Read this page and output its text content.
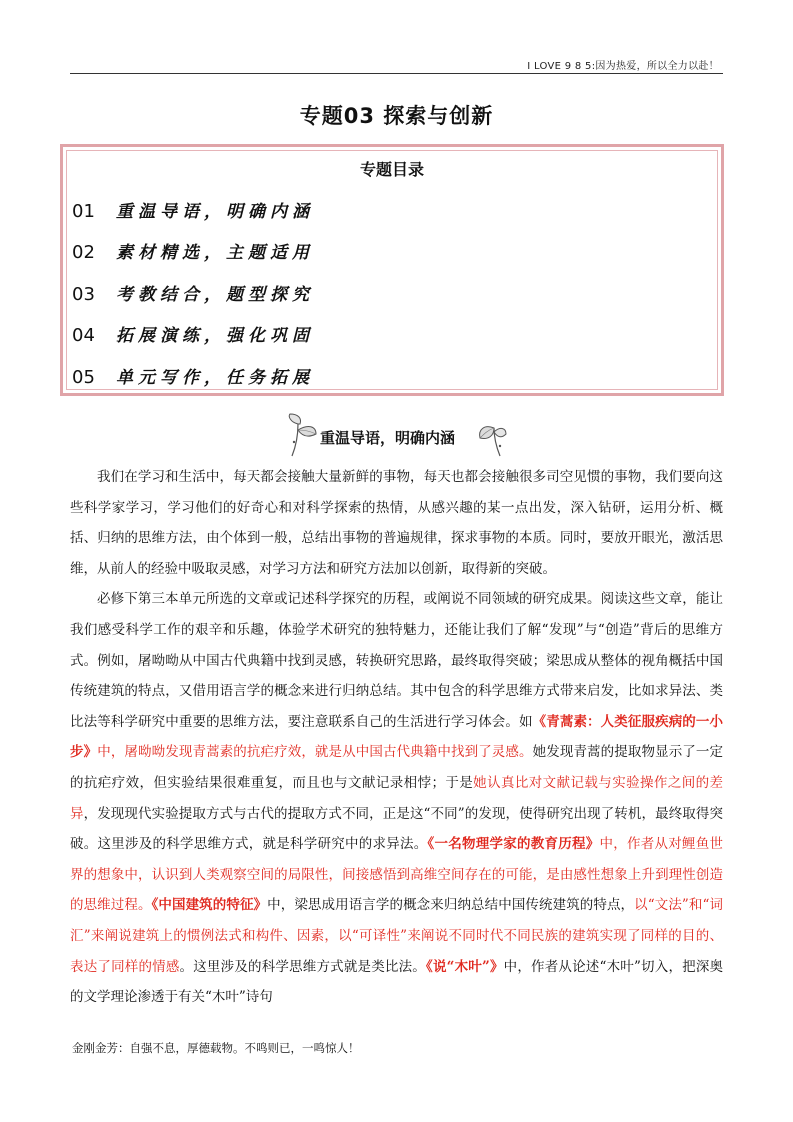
I LOVE 9 8 5:因为热爱，所以全力以赴！
专题03 探索与创新
专题目录
01 重温导语，明确内涵
02 素材精选，主题适用
03 考教结合，题型探究
04 拓展演练，强化巩固
05 单元写作，任务拓展
重温导语，明确内涵

我们在学习和生活中，每天都会接触大量新鲜的事物，每天也都会接触很多司空见惯的事物，我们要向这些科学家学习，学习他们的好奇心和对科学探索的热情，从感兴趣的某一点出发，深入钻研，运用分析、概括、归纳的思维方法，由个体到一般，总结出事物的普遍规律，探求事物的本质。同时，要放开眼光，激活思维，从前人的经验中吸取灵感，对学习方法和研究方法加以创新，取得新的突破。

必修下第三本单元所选的文章或记述科学探究的历程，或阐说不同领域的研究成果。阅读这些文章，能让我们感受科学工作的艰辛和乐趣，体验学术研究的独特魅力，还能让我们了解“发现”与“创造”背后的思维方式。例如，屠呦呦从中国古代典籍中找到灵感，转换研究思路，最终取得突破；梁思成从整体的视角概括中国传统建筑的特点，又借用语言学的概念来进行归纳总结。其中包含的科学思维方式带来启发，比如求异法、类比法等科学研究中重要的思维方法，要注意联系自己的生活进行学习体会。如《青蒿素：人类征服疾病的一小步》中，屠呦呦发现青蒿素的抗疟疗效，就是从中国古代典籍中找到了灵感。她发现青蒿的提取物显示了一定的抗疟疗效，但实验结果很难重复，而且也与文献记录相悖；于是她认真比对文献记载与实验操作之间的差异，发现现代实验提取方式与古代的提取方式不同，正是这“不同”的发现，使得研究出现了转机，最终取得突破。这里涉及的科学思维方式，就是科学研究中的求异法。《一名物理学家的教育历程》中，作者从对鲤鱼世界的想象中，认识到人类观察空间的局限性，间接感悟到高维空间存在的可能，是由感性想象上升到理性创造的思维过程。《中国建筑的特征》中，梁思成用语言学的概念来归纳总结中国传统建筑的特点，以“文法”和“词汇”来阐说建筑上的惯例法式和构件、因素，以“可译性”来阐说不同时代不同民族的建筑实现了同样的目的、表达了同样的情感。这里涉及的科学思维方式就是类比法。《说“木叶”》中，作者从论述“木叶”切入，把深奥的文学理论渗透于有关“木叶”诗句

金刚金芳：自强不息，厚德载物。不鸣则已，一鸣惊人！
